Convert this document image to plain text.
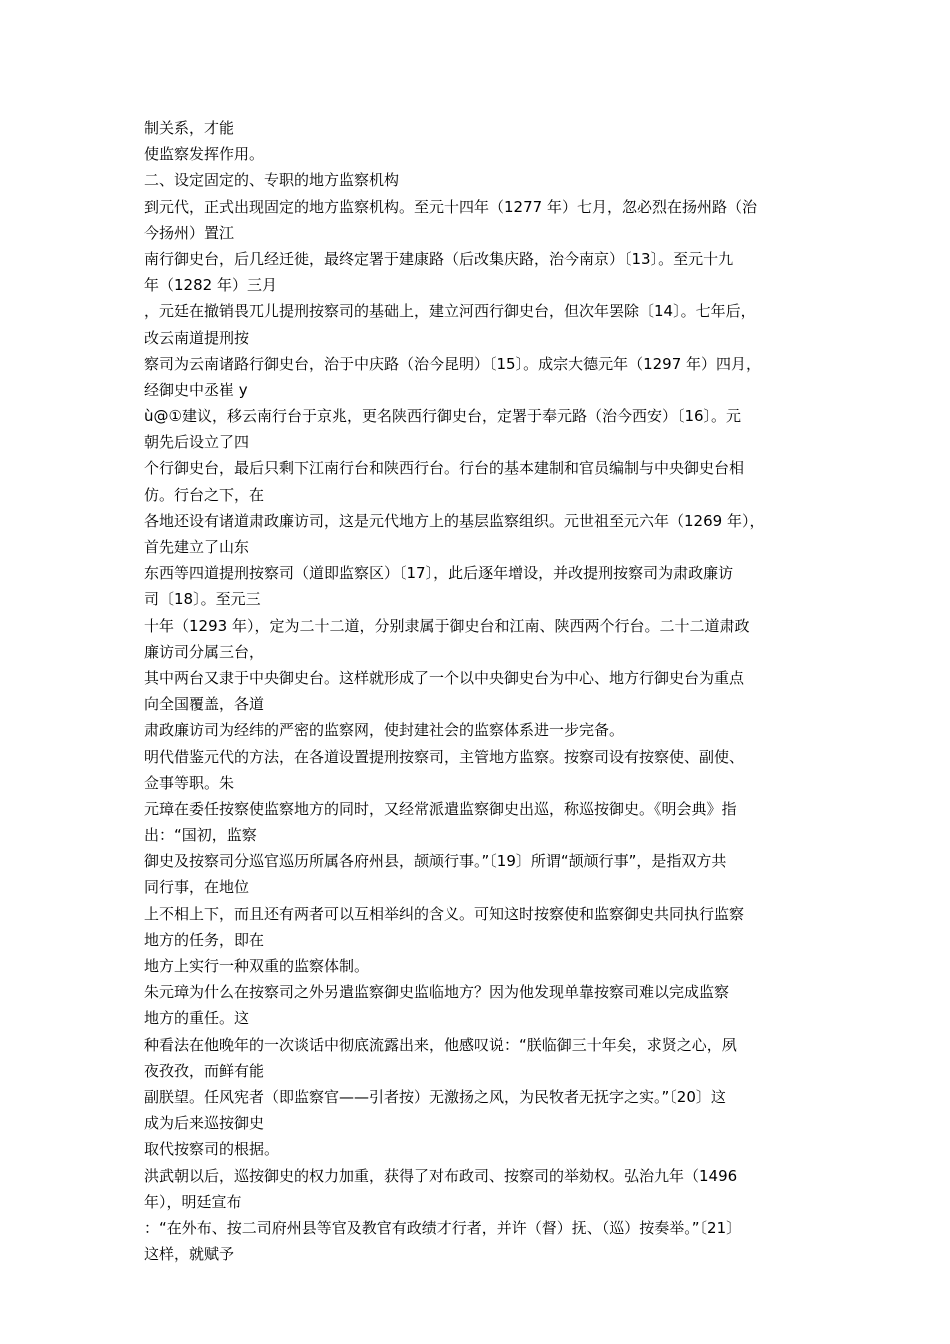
制关系，才能
使监察发挥作用。
二、设定固定的、专职的地方监察机构
到元代，正式出现固定的地方监察机构。至元十四年（1277 年）七月，忽必烈在扬州路（治
今扬州）置江
南行御史台，后几经迁徙，最终定署于建康路（后改集庆路，治今南京）〔13〕。至元十九
年（1282 年）三月
，元廷在撤销畏兀儿提刑按察司的基础上，建立河西行御史台，但次年罢除〔14〕。七年后，
改云南道提刑按
察司为云南诸路行御史台，治于中庆路（治今昆明）〔15〕。成宗大德元年（1297 年）四月，
经御史中丞崔 y
ù@①建议，移云南行台于京兆，更名陕西行御史台，定署于奉元路（治今西安）〔16〕。元
朝先后设立了四
个行御史台，最后只剩下江南行台和陕西行台。行台的基本建制和官员编制与中央御史台相
仿。行台之下，在
各地还设有诸道肃政廉访司，这是元代地方上的基层监察组织。元世祖至元六年（1269 年），
首先建立了山东
东西等四道提刑按察司（道即监察区）〔17〕，此后逐年增设，并改提刑按察司为肃政廉访
司〔18〕。至元三
十年（1293 年），定为二十二道，分别隶属于御史台和江南、陕西两个行台。二十二道肃政
廉访司分属三台，
其中两台又隶于中央御史台。这样就形成了一个以中央御史台为中心、地方行御史台为重点
向全国覆盖，各道
肃政廉访司为经纬的严密的监察网，使封建社会的监察体系进一步完备。
明代借鉴元代的方法，在各道设置提刑按察司，主管地方监察。按察司设有按察使、副使、
佥事等职。朱
元璋在委任按察使监察地方的同时，又经常派遣监察御史出巡，称巡按御史。《明会典》指
出：“国初，监察
御史及按察司分巡官巡历所属各府州县，颉颃行事。”〔19〕所谓“颉颃行事”，是指双方共
同行事，在地位
上不相上下，而且还有两者可以互相举纠的含义。可知这时按察使和监察御史共同执行监察
地方的任务，即在
地方上实行一种双重的监察体制。
朱元璋为什么在按察司之外另遣监察御史监临地方？因为他发现单靠按察司难以完成监察
地方的重任。这
种看法在他晚年的一次谈话中彻底流露出来，他感叹说：“朕临御三十年矣，求贤之心，夙
夜孜孜，而鲜有能
副朕望。任风宪者（即监察官——引者按）无激扬之风，为民牧者无抚字之实。”〔20〕这
成为后来巡按御史
取代按察司的根据。
洪武朝以后，巡按御史的权力加重，获得了对布政司、按察司的举劾权。弘治九年（1496
年），明廷宣布
：“在外布、按二司府州县等官及教官有政绩才行者，并许（督）抚、（巡）按奏举。”〔21〕
这样，就赋予
